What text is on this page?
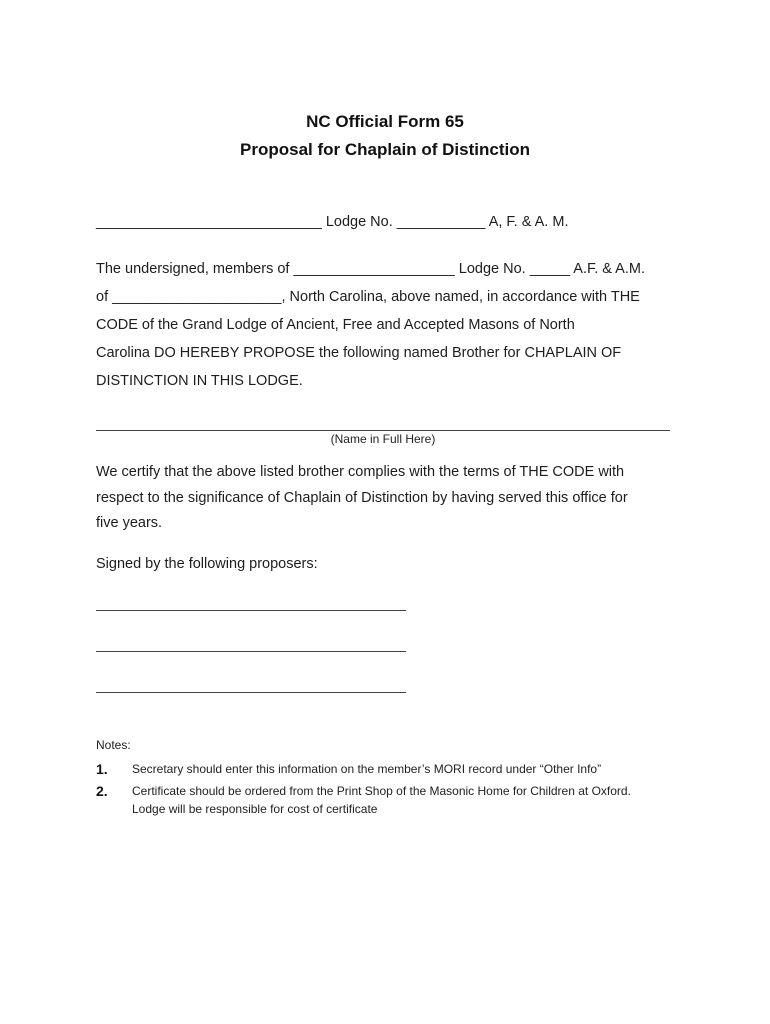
NC Official Form 65
Proposal for Chaplain of Distinction
____________________________ Lodge No. ___________ A, F. & A. M.
The undersigned, members of ____________________ Lodge No. _____ A.F. & A.M.
of _____________________, North Carolina, above named, in accordance with THE
CODE of the Grand Lodge of Ancient, Free and Accepted Masons of North
Carolina DO HEREBY PROPOSE the following named Brother for CHAPLAIN OF
DISTINCTION IN THIS LODGE.
(Name in Full Here)
We certify that the above listed brother complies with the terms of THE CODE with
respect to the significance of Chaplain of Distinction by having served this office for
five years.
Signed by the following proposers:
Notes:
1. Secretary should enter this information on the member’s MORI record under “Other Info”
2. Certificate should be ordered from the Print Shop of the Masonic Home for Children at Oxford.
Lodge will be responsible for cost of certificate
